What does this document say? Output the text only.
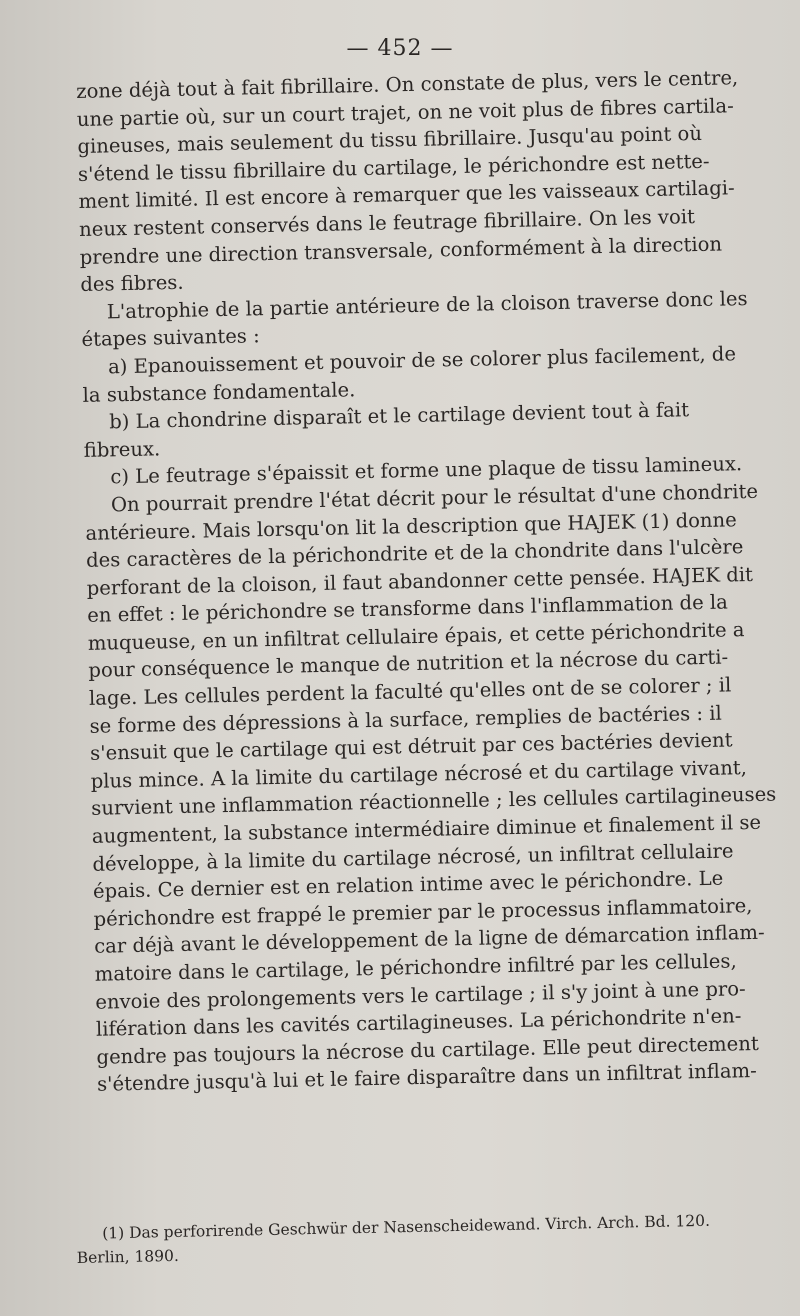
— 452 —

zone déjà tout à fait fibrillaire. On constate de plus, vers le centre,
une partie où, sur un court trajet, on ne voit plus de fibres cartila-
gineuses, mais seulement du tissu fibrillaire. Jusqu'au point où
s'étend le tissu fibrillaire du cartilage, le périchondre est nette-
ment limité. Il est encore à remarquer que les vaisseaux cartilagi-
neux restent conservés dans le feutrage fibrillaire. On les voit
prendre une direction transversale, conformément à la direction
des fibres.

L'atrophie de la partie antérieure de la cloison traverse donc les
étapes suivantes :

a) Epanouissement et pouvoir de se colorer plus facilement, de
la substance fondamentale.

b) La chondrine disparaît et le cartilage devient tout à fait
fibreux.

c) Le feutrage s'épaissit et forme une plaque de tissu lamineux.

On pourrait prendre l'état décrit pour le résultat d'une chondrite
antérieure. Mais lorsqu'on lit la description que HAJEK (1) donne
des caractères de la périchondrite et de la chondrite dans l'ulcère
perforant de la cloison, il faut abandonner cette pensée. HAJEK dit
en effet : le périchondre se transforme dans l'inflammation de la
muqueuse, en un infiltrat cellulaire épais, et cette périchondrite a
pour conséquence le manque de nutrition et la nécrose du carti-
lage. Les cellules perdent la faculté qu'elles ont de se colorer ; il
se forme des dépressions à la surface, remplies de bactéries : il
s'ensuit que le cartilage qui est détruit par ces bactéries devient
plus mince. A la limite du cartilage nécrosé et du cartilage vivant,
survient une inflammation réactionnelle ; les cellules cartilagineuses
augmentent, la substance intermédiaire diminue et finalement il se
développe, à la limite du cartilage nécrosé, un infiltrat cellulaire
épais. Ce dernier est en relation intime avec le périchondre. Le
périchondre est frappé le premier par le processus inflammatoire,
car déjà avant le développement de la ligne de démarcation inflam-
matoire dans le cartilage, le périchondre infiltré par les cellules,
envoie des prolongements vers le cartilage ; il s'y joint à une pro-
lifération dans les cavités cartilagineuses. La périchondrite n'en-
gendre pas toujours la nécrose du cartilage. Elle peut directement
s'étendre jusqu'à lui et le faire disparaître dans un infiltrat inflam-

(1) Das perforirende Geschwür der Nasenscheidewand. Virch. Arch. Bd. 120.
Berlin, 1890.
